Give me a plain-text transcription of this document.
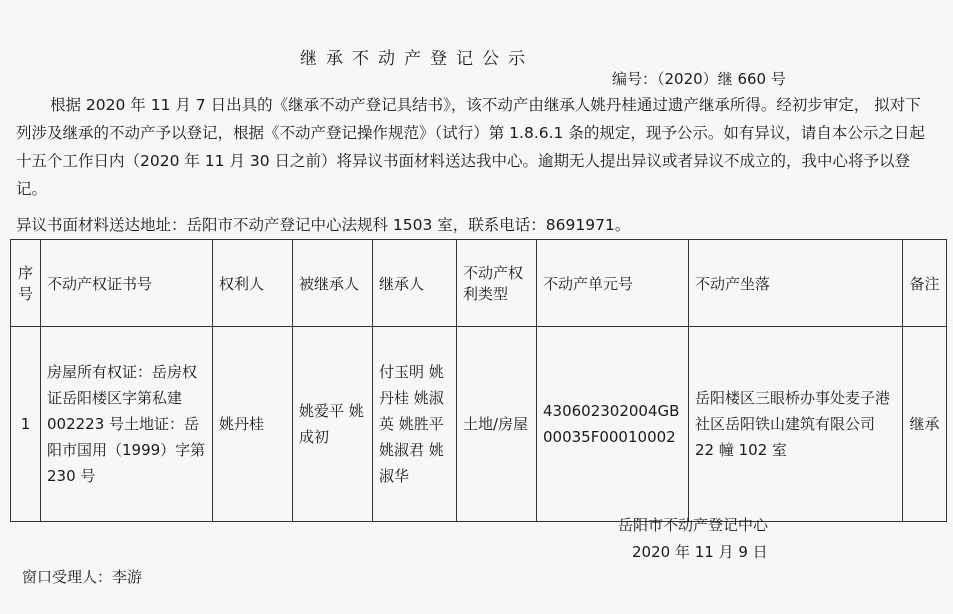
继承不动产登记公示
编号：（2020）继 660 号
根据 2020 年 11 月 7 日出具的《继承不动产登记具结书》，该不动产由继承人姚丹桂通过遗产继承所得。经初步审定， 拟对下列涉及继承的不动产予以登记，根据《不动产登记操作规范》（试行）第 1.8.6.1 条的规定，现予公示。如有异议，请自本公示之日起十五个工作日内（2020 年 11 月 30 日之前）将异议书面材料送达我中心。逾期无人提出异议或者异议不成立的，我中心将予以登记。
异议书面材料送达地址：岳阳市不动产登记中心法规科 1503 室，联系电话：8691971。
序号	不动产权证书号	权利人	被继承人	继承人	不动产权利类型	不动产单元号	不动产坐落	备注
1	房屋所有权证：岳房权证岳阳楼区字第私建 002223 号土地证：岳阳市国用（1999）字第 230 号	姚丹桂	姚爱平 姚成初	付玉明 姚丹桂 姚淑英 姚胜平 姚淑君 姚淑华	土地/房屋	430602302004GB00035F00010002	岳阳楼区三眼桥办事处麦子港社区岳阳铁山建筑有限公司 22 幢 102 室	继承
岳阳市不动产登记中心
2020 年 11 月 9 日
窗口受理人：李游
